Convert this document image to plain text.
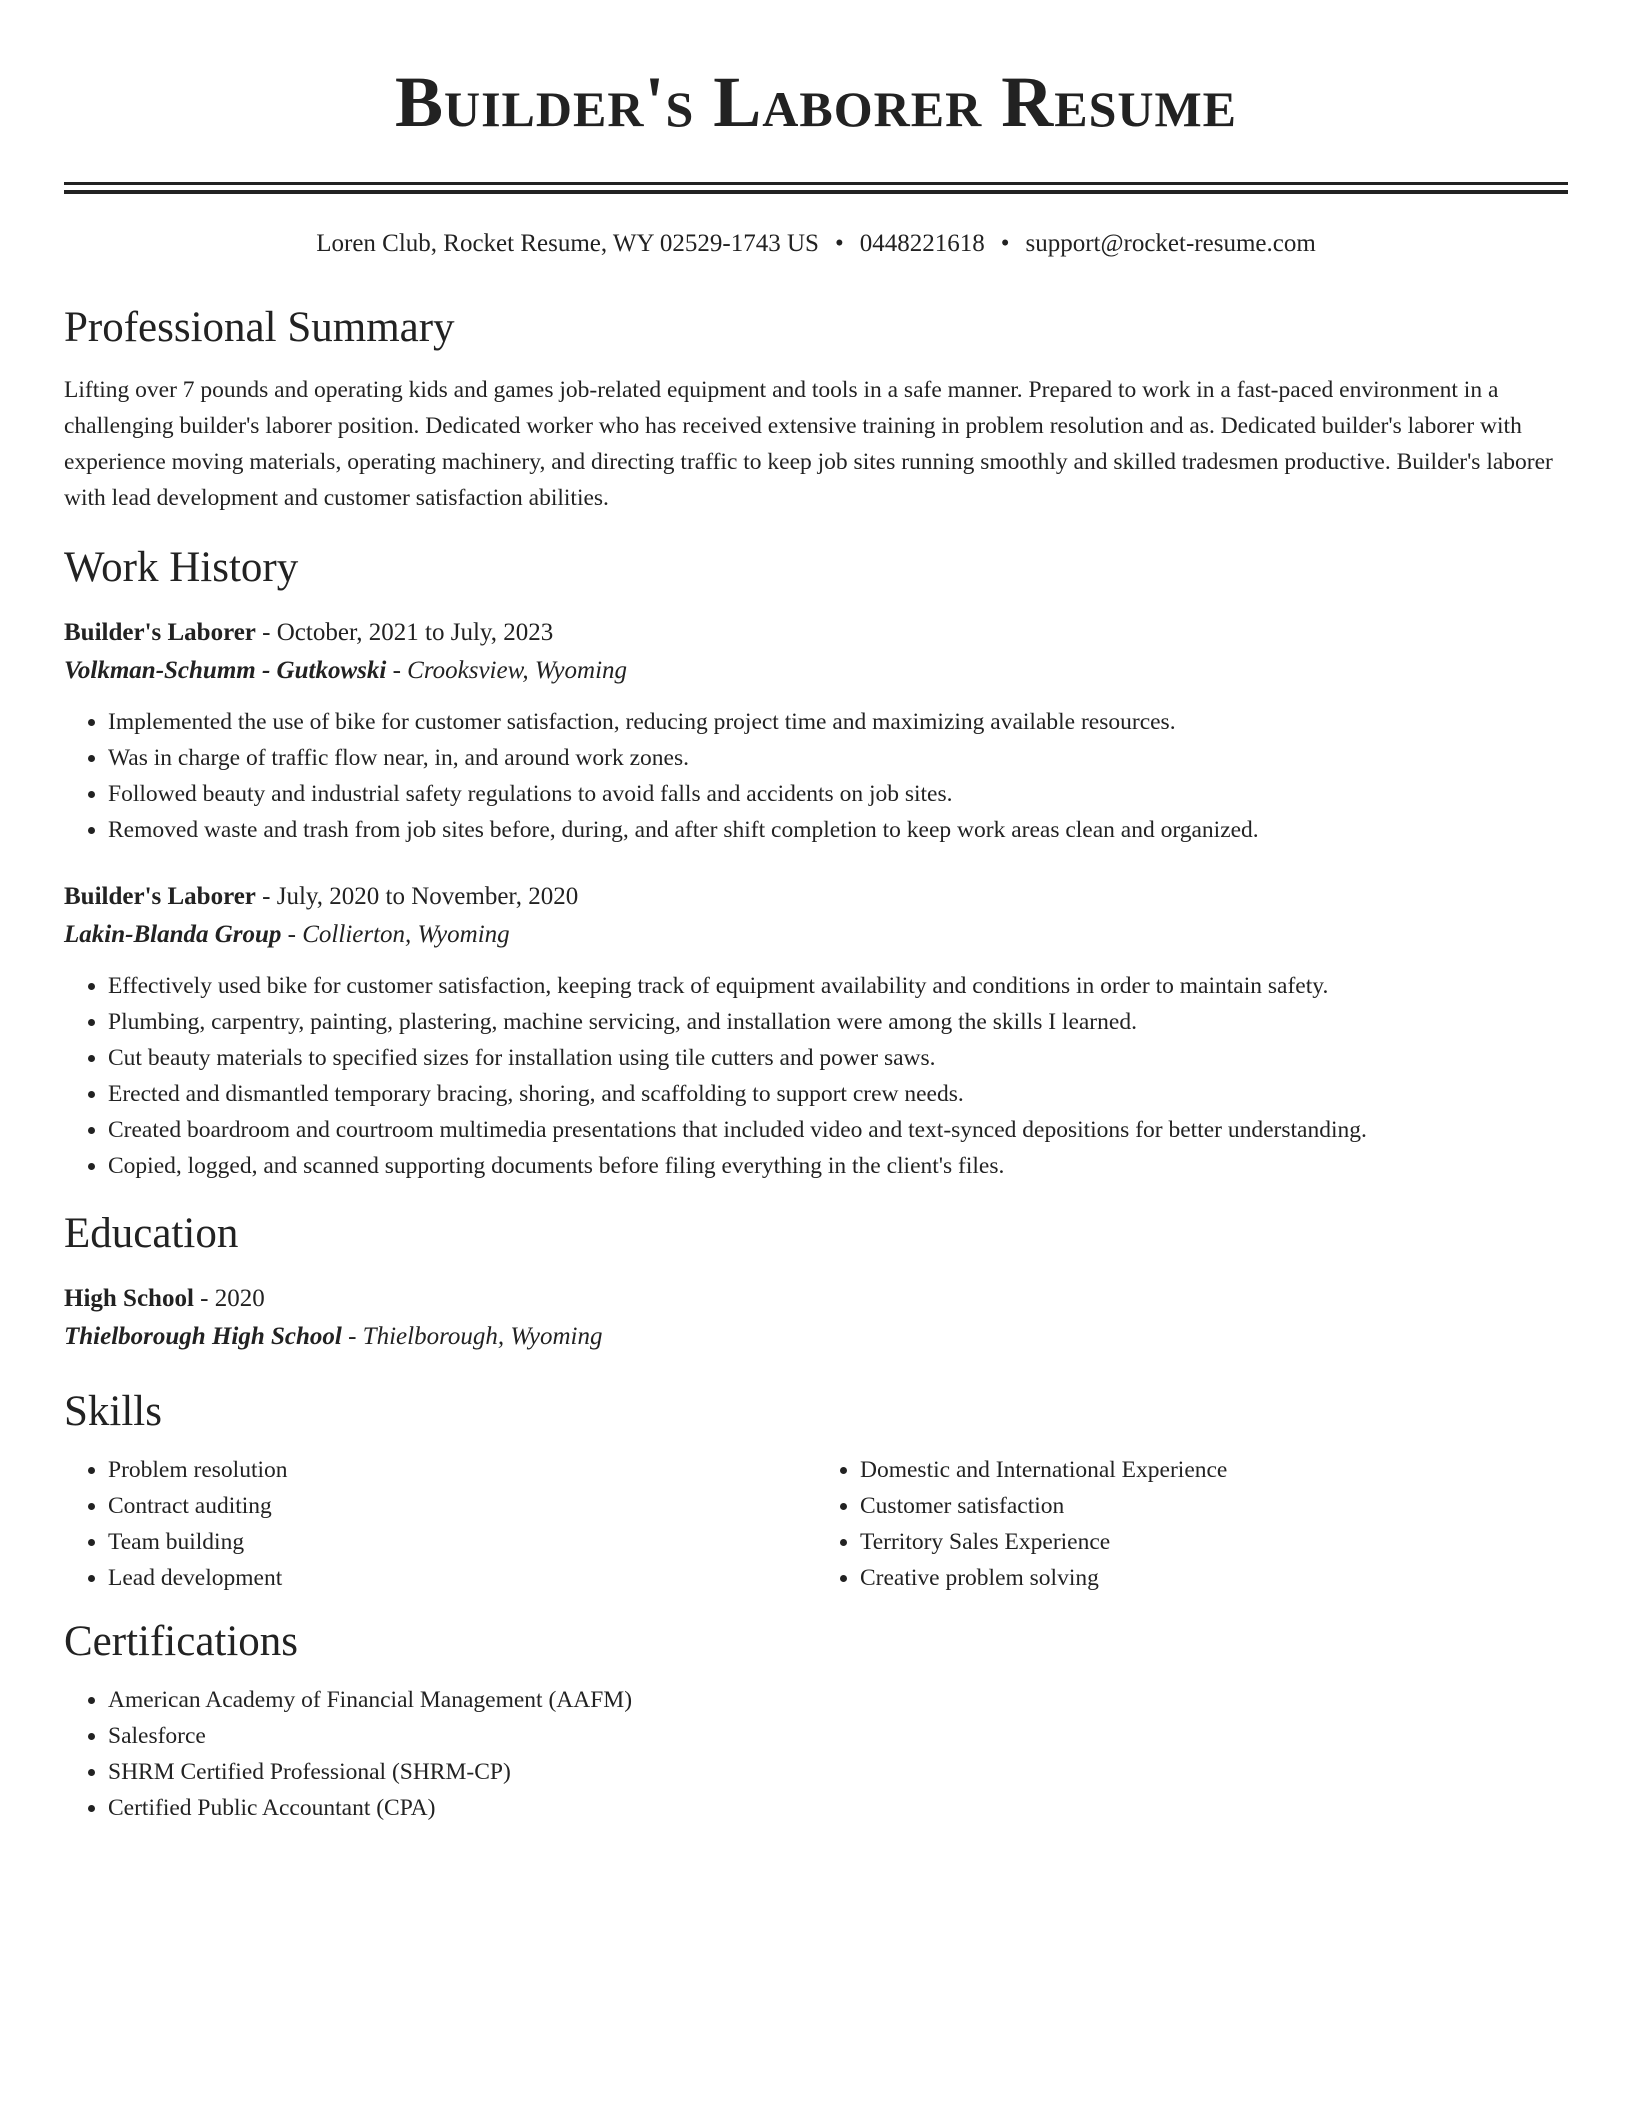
Builder's Laborer Resume
Loren Club, Rocket Resume, WY 02529-1743 US • 0448221618 • support@rocket-resume.com
Professional Summary

Lifting over 7 pounds and operating kids and games job-related equipment and tools in a safe manner. Prepared to work in a fast-paced environment in a challenging builder's laborer position. Dedicated worker who has received extensive training in problem resolution and as. Dedicated builder's laborer with experience moving materials, operating machinery, and directing traffic to keep job sites running smoothly and skilled tradesmen productive. Builder's laborer with lead development and customer satisfaction abilities.

Work History
Builder's Laborer - October, 2021 to July, 2023
Volkman-Schumm - Gutkowski - Crooksview, Wyoming
• Implemented the use of bike for customer satisfaction, reducing project time and maximizing available resources.
• Was in charge of traffic flow near, in, and around work zones.
• Followed beauty and industrial safety regulations to avoid falls and accidents on job sites.
• Removed waste and trash from job sites before, during, and after shift completion to keep work areas clean and organized.
Builder's Laborer - July, 2020 to November, 2020
Lakin-Blanda Group - Collierton, Wyoming
• Effectively used bike for customer satisfaction, keeping track of equipment availability and conditions in order to maintain safety.
• Plumbing, carpentry, painting, plastering, machine servicing, and installation were among the skills I learned.
• Cut beauty materials to specified sizes for installation using tile cutters and power saws.
• Erected and dismantled temporary bracing, shoring, and scaffolding to support crew needs.
• Created boardroom and courtroom multimedia presentations that included video and text-synced depositions for better understanding.
• Copied, logged, and scanned supporting documents before filing everything in the client's files.
Education
High School - 2020
Thielborough High School - Thielborough, Wyoming
Skills
• Problem resolution
• Contract auditing
• Team building
• Lead development
• Domestic and International Experience
• Customer satisfaction
• Territory Sales Experience
• Creative problem solving
Certifications
• American Academy of Financial Management (AAFM)
• Salesforce
• SHRM Certified Professional (SHRM-CP)
• Certified Public Accountant (CPA)
